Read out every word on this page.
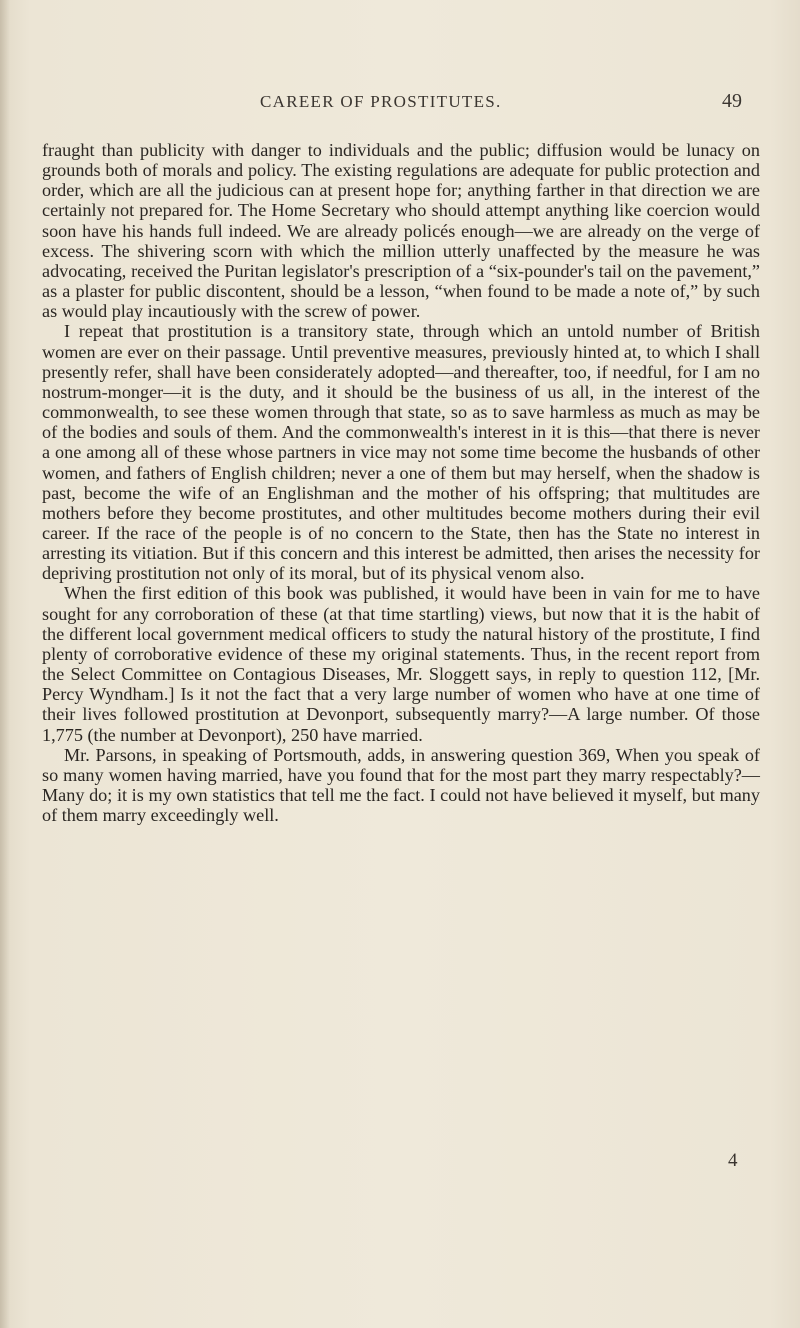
CAREER OF PROSTITUTES.	49

fraught than publicity with danger to individuals and the public; diffusion would be lunacy on grounds both of morals and policy. The existing regulations are adequate for public protection and order, which are all the judicious can at present hope for; anything farther in that direction we are certainly not prepared for. The Home Secretary who should attempt anything like coercion would soon have his hands full indeed. We are already policés enough—we are already on the verge of excess. The shivering scorn with which the million utterly unaffected by the measure he was advocating, received the Puritan legislator's prescription of a “six-pounder's tail on the pavement,” as a plaster for public discontent, should be a lesson, “when found to be made a note of,” by such as would play incautiously with the screw of power.

I repeat that prostitution is a transitory state, through which an untold number of British women are ever on their passage. Until preventive measures, previously hinted at, to which I shall presently refer, shall have been considerately adopted—and thereafter, too, if needful, for I am no nostrum-monger—it is the duty, and it should be the business of us all, in the interest of the commonwealth, to see these women through that state, so as to save harmless as much as may be of the bodies and souls of them. And the commonwealth's interest in it is this—that there is never a one among all of these whose partners in vice may not some time become the husbands of other women, and fathers of English children; never a one of them but may herself, when the shadow is past, become the wife of an Englishman and the mother of his offspring; that multitudes are mothers before they become prostitutes, and other multitudes become mothers during their evil career. If the race of the people is of no concern to the State, then has the State no interest in arresting its vitiation. But if this concern and this interest be admitted, then arises the necessity for depriving prostitution not only of its moral, but of its physical venom also.

When the first edition of this book was published, it would have been in vain for me to have sought for any corroboration of these (at that time startling) views, but now that it is the habit of the different local government medical officers to study the natural history of the prostitute, I find plenty of corroborative evidence of these my original statements. Thus, in the recent report from the Select Committee on Contagious Diseases, Mr. Sloggett says, in reply to question 112, [Mr. Percy Wyndham.] Is it not the fact that a very large number of women who have at one time of their lives followed prostitution at Devonport, subsequently marry?—A large number. Of those 1,775 (the number at Devonport), 250 have married.

Mr. Parsons, in speaking of Portsmouth, adds, in answering question 369, When you speak of so many women having married, have you found that for the most part they marry respectably?—Many do; it is my own statistics that tell me the fact. I could not have believed it myself, but many of them marry exceedingly well.

4
